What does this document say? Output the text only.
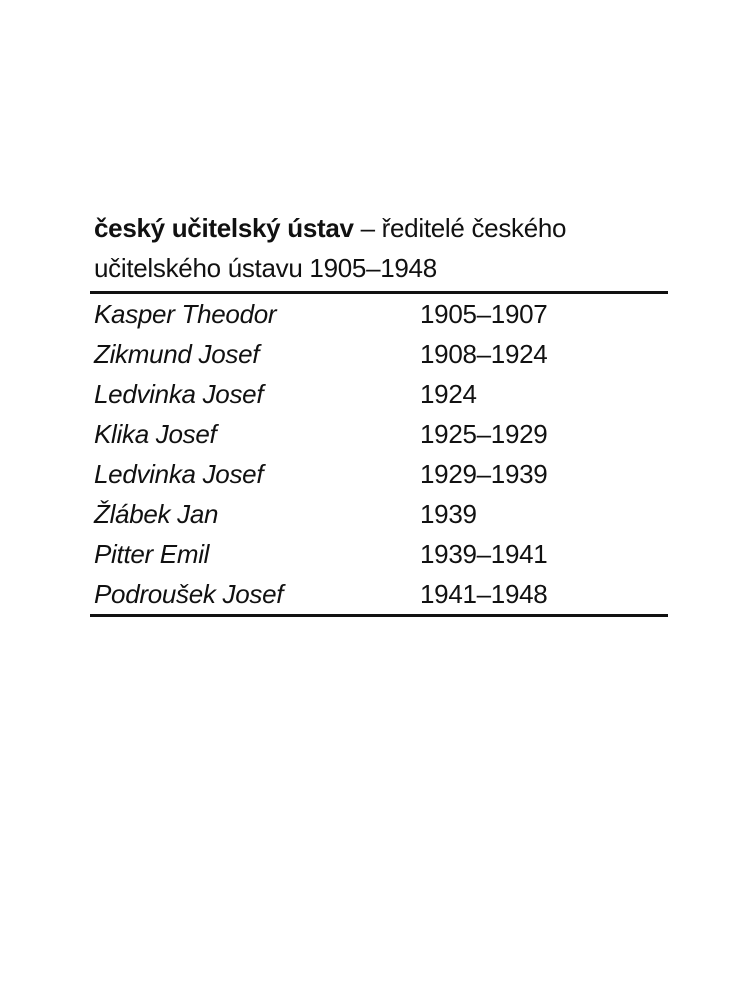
český učitelský ústav – ředitelé českého
učitelského ústavu 1905–1948
Kasper Theodor	1905–1907
Zikmund Josef	1908–1924
Ledvinka Josef	1924
Klika Josef	1925–1929
Ledvinka Josef	1929–1939
Žlábek Jan	1939
Pitter Emil	1939–1941
Podroušek Josef	1941–1948
